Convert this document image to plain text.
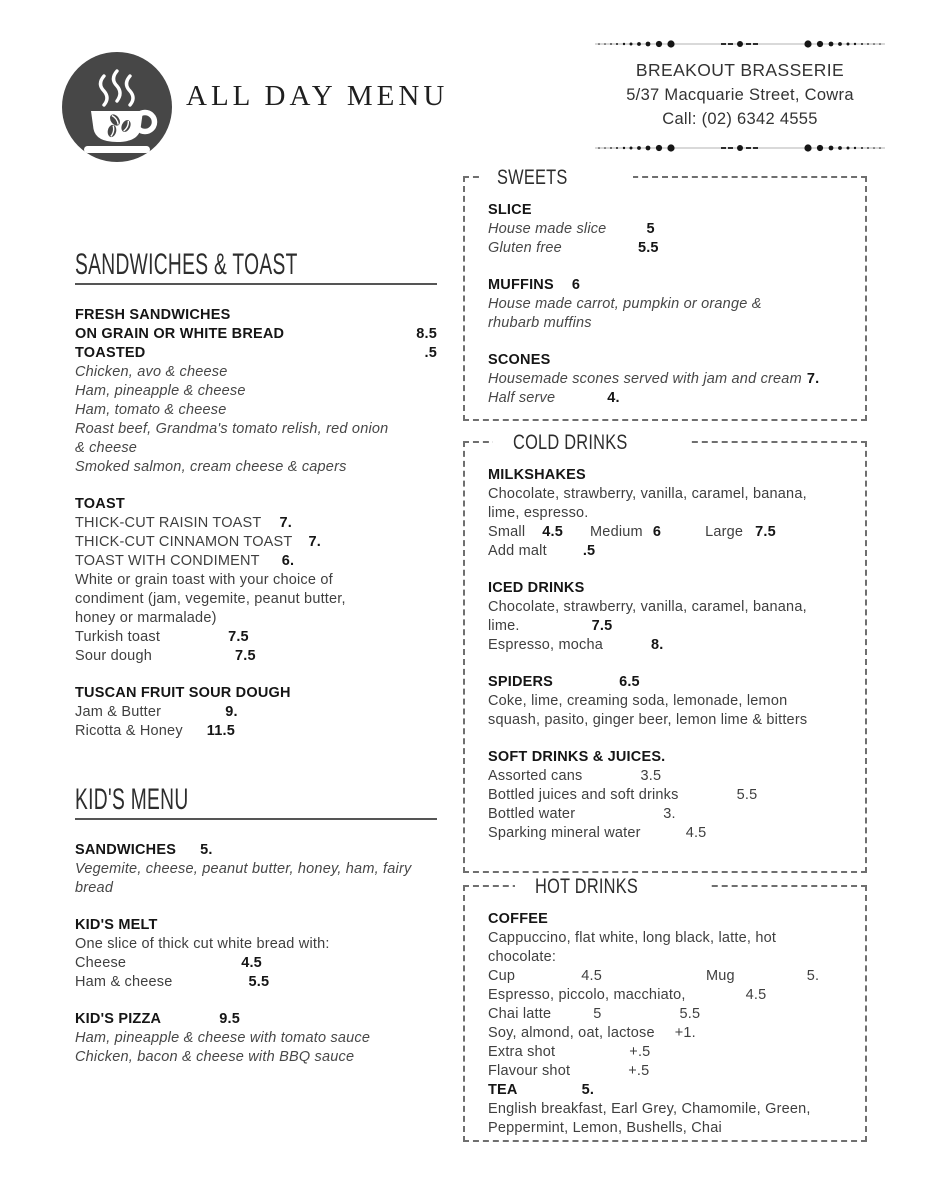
ALL DAY MENU
BREAKOUT BRASSERIE
5/37 Macquarie Street, Cowra
Call: (02) 6342 4555
SANDWICHES & TOAST
FRESH SANDWICHES
ON GRAIN OR WHITE BREAD	8.5
TOASTED	.5
Chicken, avo & cheese
Ham, pineapple & cheese
Ham, tomato & cheese
Roast beef, Grandma's tomato relish, red onion
& cheese
Smoked salmon, cream cheese & capers
TOAST
THICK-CUT RAISIN TOAST 7.
THICK-CUT CINNAMON TOAST 7.
TOAST WITH CONDIMENT 6.
White or grain toast with your choice of
condiment (jam, vegemite, peanut butter,
honey or marmalade)
Turkish toast	7.5
Sour dough	7.5
TUSCAN FRUIT SOUR DOUGH
Jam & Butter	9.
Ricotta & Honey 11.5
KID'S MENU
SANDWICHES 5.
Vegemite, cheese, peanut butter, honey, ham, fairy
bread
KID'S MELT
One slice of thick cut white bread with:
Cheese	4.5
Ham & cheese	5.5
KID'S PIZZA	9.5
Ham, pineapple & cheese with tomato sauce
Chicken, bacon & cheese with BBQ sauce
SWEETS
SLICE
House made slice	5
Gluten free	5.5
MUFFINS 6
House made carrot, pumpkin or orange &
rhubarb muffins
SCONES
Housemade scones served with jam and cream 7.
Half serve	4.
COLD DRINKS
MILKSHAKES
Chocolate, strawberry, vanilla, caramel, banana,
lime, espresso.
Small 4.5 Medium 6	Large 7.5
Add malt .5
ICED DRINKS
Chocolate, strawberry, vanilla, caramel, banana,
lime.	7.5
Espresso, mocha	8.
SPIDERS	6.5
Coke, lime, creaming soda, lemonade, lemon
squash, pasito, ginger beer, lemon lime & bitters
SOFT DRINKS & JUICES.
Assorted cans	3.5
Bottled juices and soft drinks	5.5
Bottled water	3.
Sparking mineral water	4.5
HOT DRINKS
COFFEE
Cappuccino, flat white, long black, latte, hot
chocolate:
Cup	4.5	Mug	5.
Espresso, piccolo, macchiato,	4.5
Chai latte	5	5.5
Soy, almond, oat, lactose +1.
Extra shot	+.5
Flavour shot	+.5
TEA	5.
English breakfast, Earl Grey, Chamomile, Green,
Peppermint, Lemon, Bushells, Chai
